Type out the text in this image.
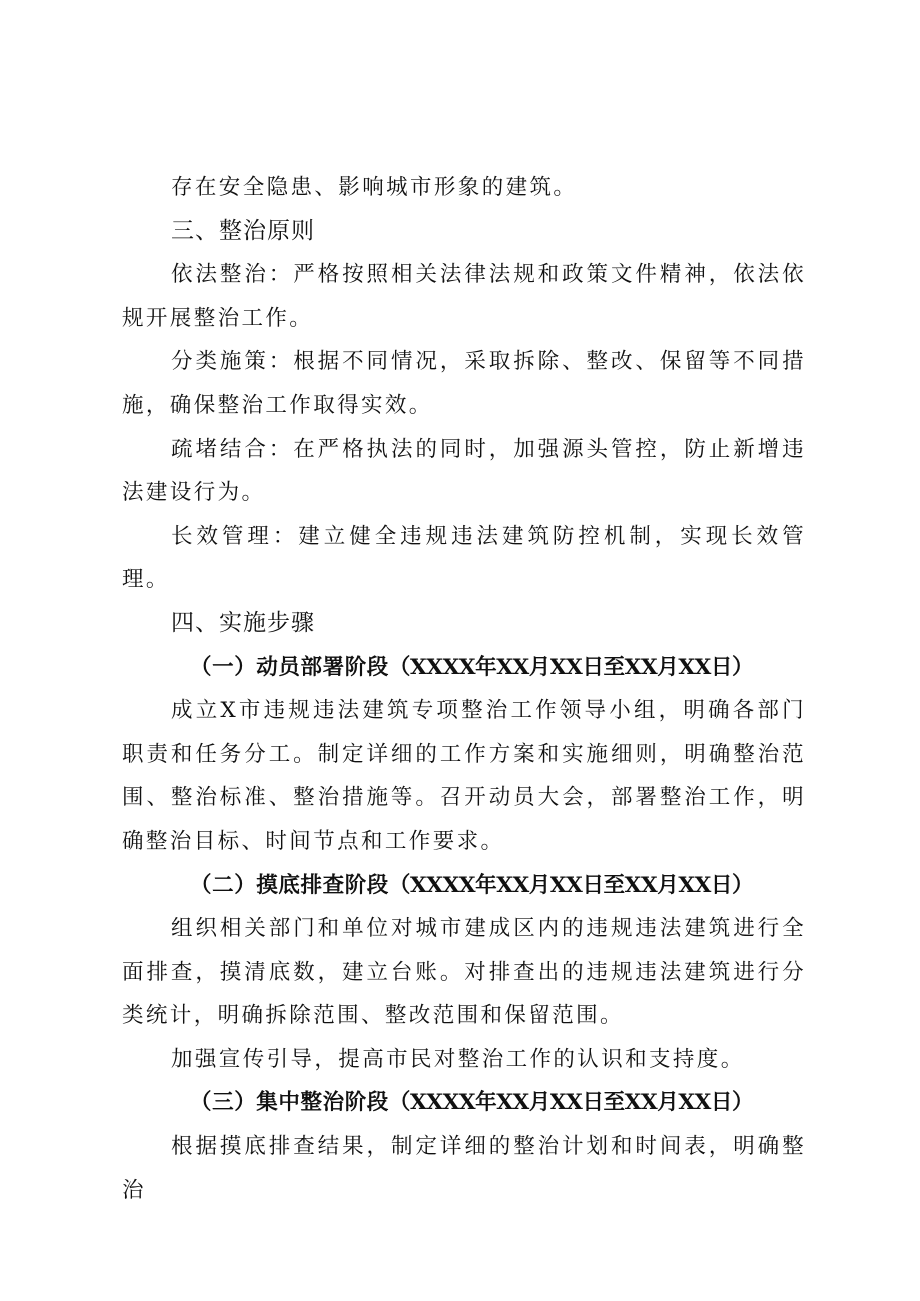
存在安全隐患、影响城市形象的建筑。

三、整治原则

依法整治：严格按照相关法律法规和政策文件精神，依法依规开展整治工作。

分类施策：根据不同情况，采取拆除、整改、保留等不同措施，确保整治工作取得实效。

疏堵结合：在严格执法的同时，加强源头管控，防止新增违法建设行为。

长效管理：建立健全违规违法建筑防控机制，实现长效管理。

四、实施步骤

（一）动员部署阶段（XXXX年XX月XX日至XX月XX日）

成立X市违规违法建筑专项整治工作领导小组，明确各部门职责和任务分工。制定详细的工作方案和实施细则，明确整治范围、整治标准、整治措施等。召开动员大会，部署整治工作，明确整治目标、时间节点和工作要求。

（二）摸底排查阶段（XXXX年XX月XX日至XX月XX日）

组织相关部门和单位对城市建成区内的违规违法建筑进行全面排查，摸清底数，建立台账。对排查出的违规违法建筑进行分类统计，明确拆除范围、整改范围和保留范围。

加强宣传引导，提高市民对整治工作的认识和支持度。

（三）集中整治阶段（XXXX年XX月XX日至XX月XX日）

根据摸底排查结果，制定详细的整治计划和时间表，明确整治
